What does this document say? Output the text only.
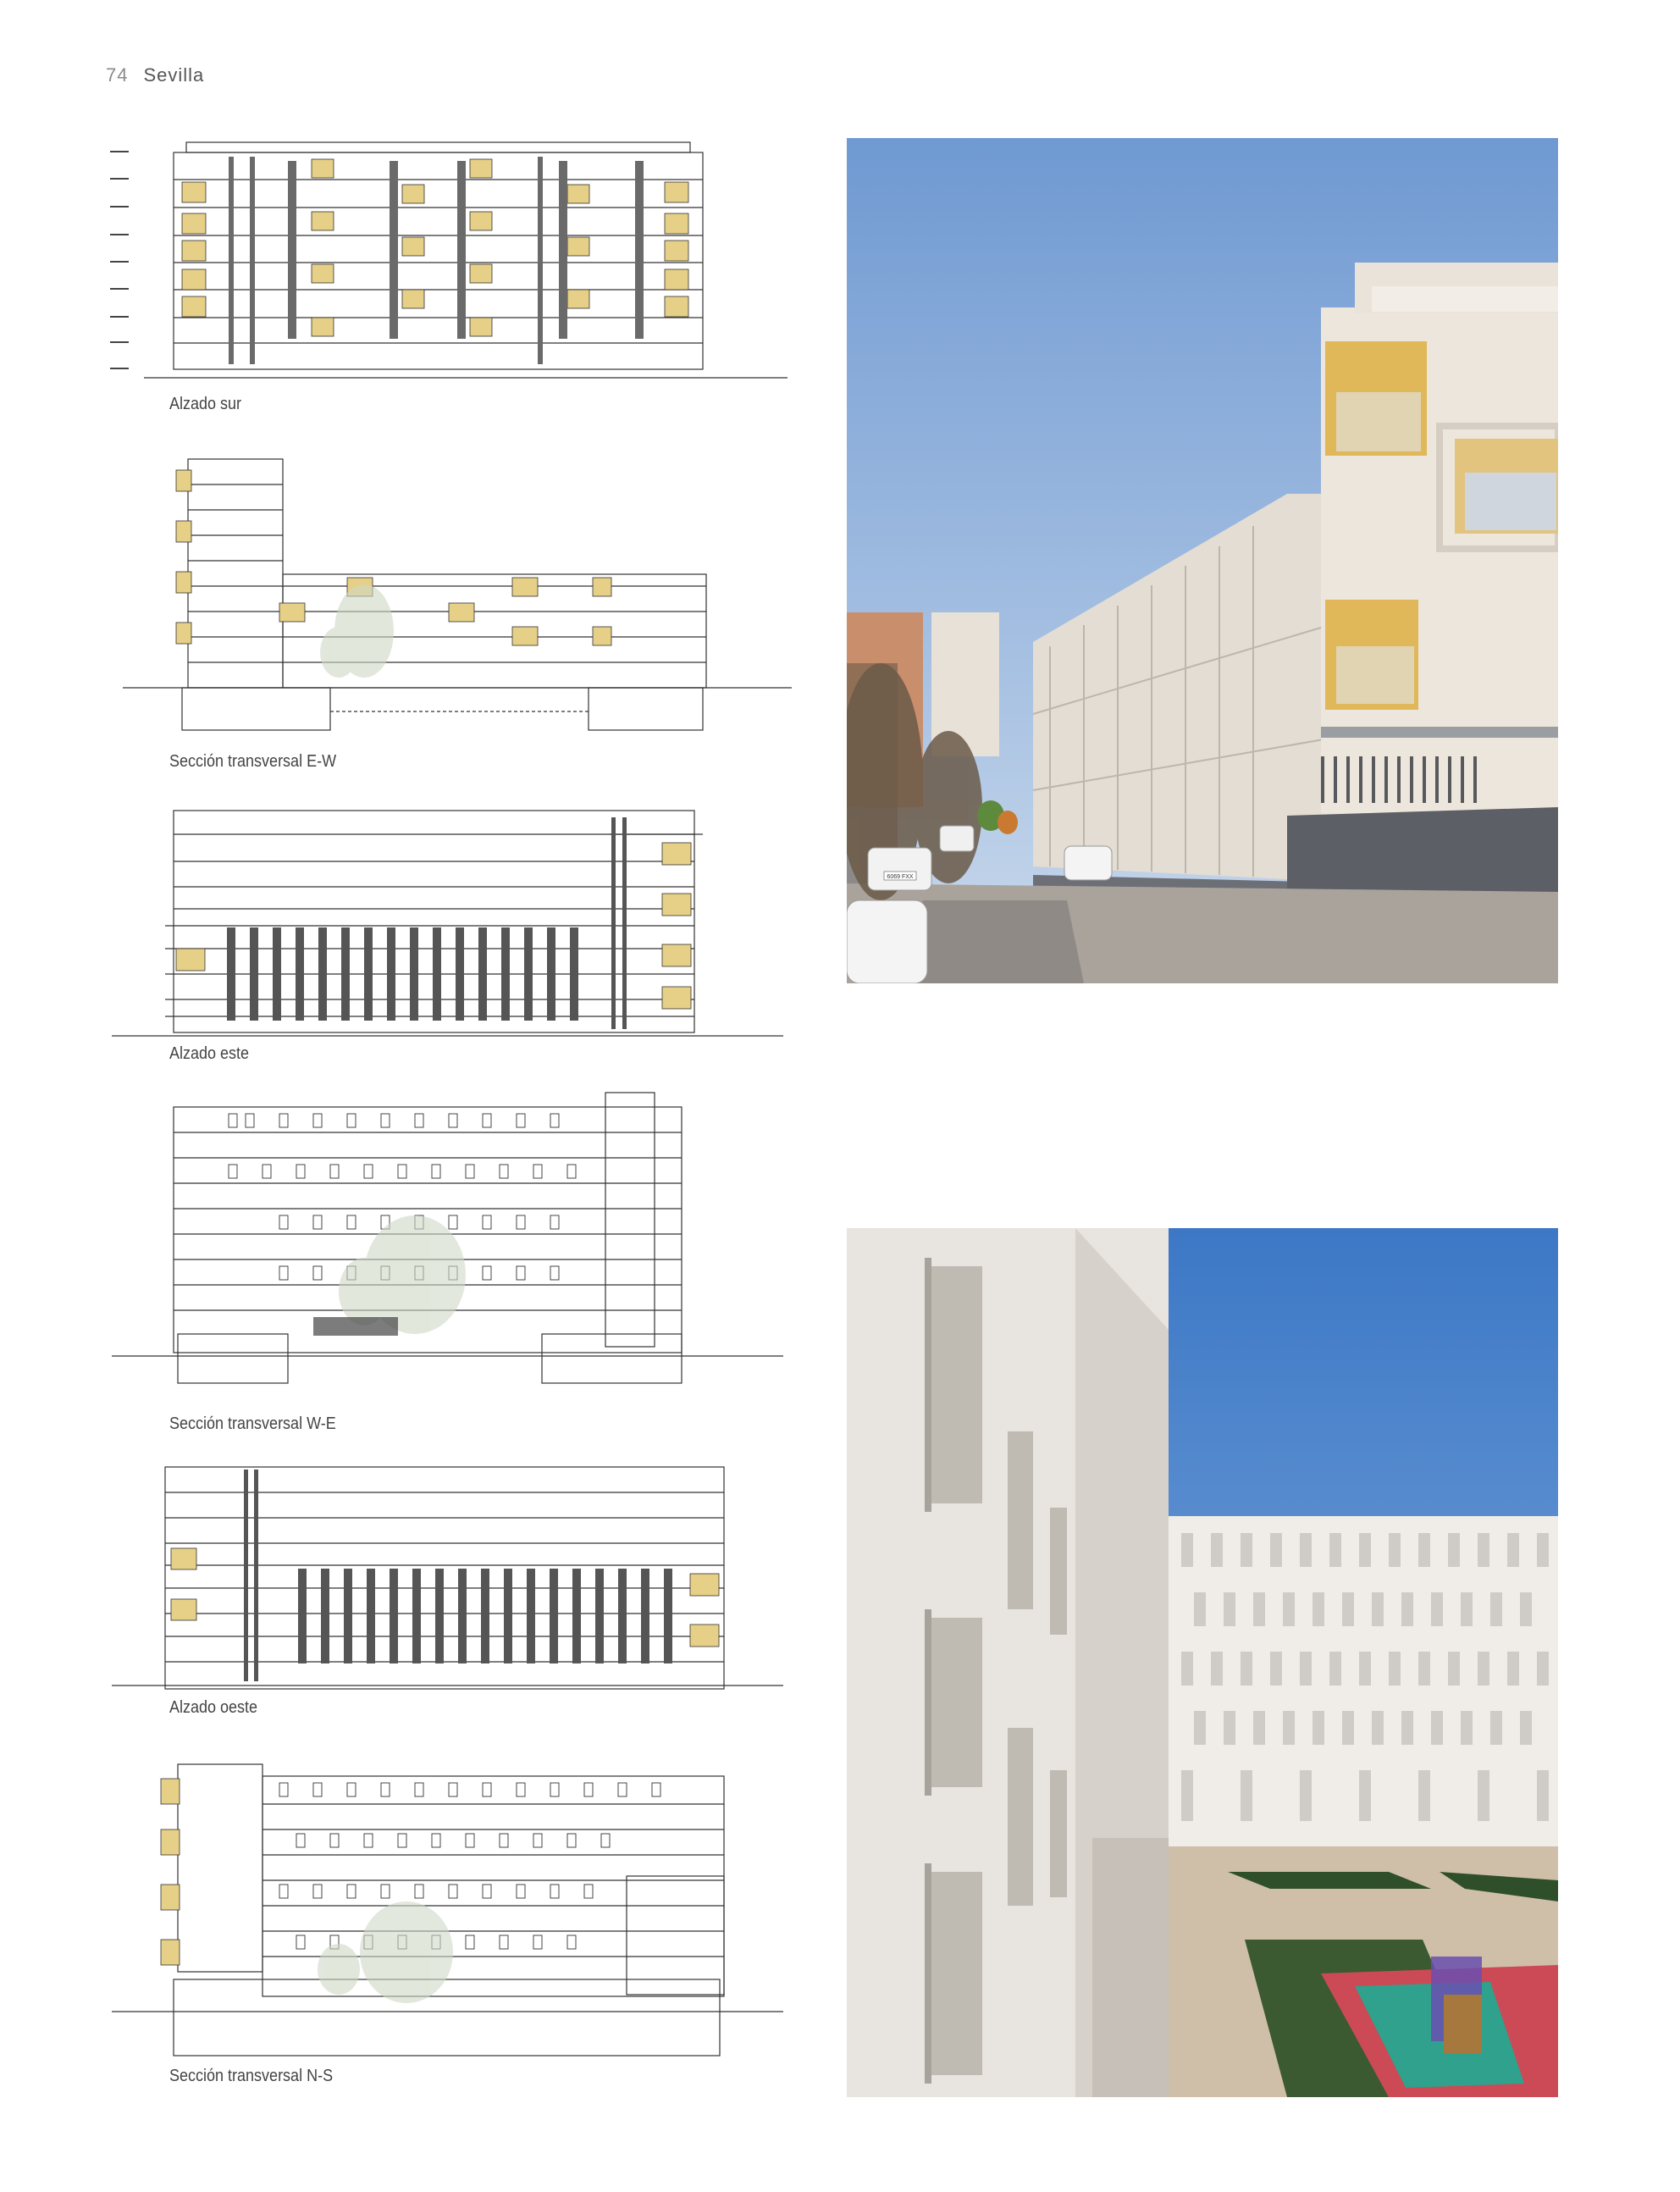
74 Sevilla
Alzado sur
Sección transversal E-W
Alzado este
Sección transversal W-E
Alzado oeste
Sección transversal N-S
6069 FXX
